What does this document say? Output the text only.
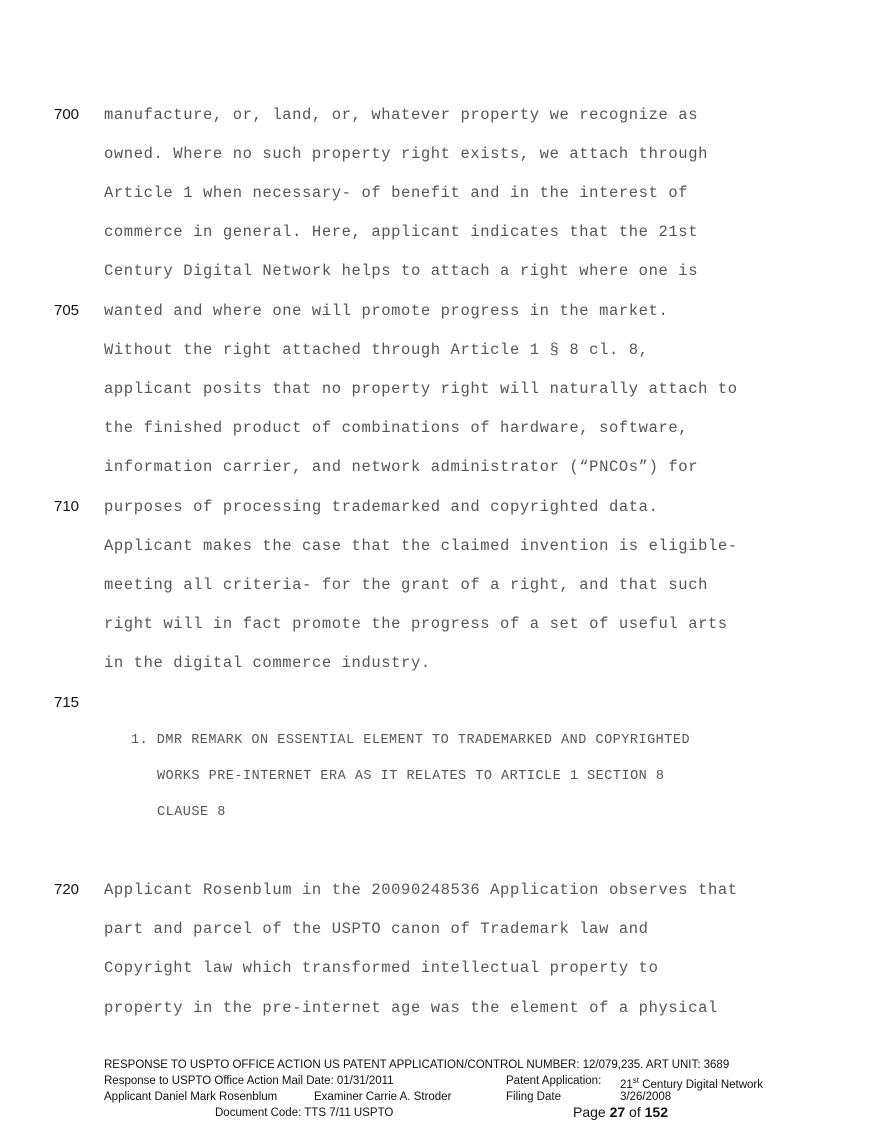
700
705
710
715
720
manufacture, or, land, or, whatever property we recognize as
owned. Where no such property right exists, we attach through
Article 1 when necessary- of benefit and in the interest of
commerce in general. Here, applicant indicates that the 21st
Century Digital Network helps to attach a right where one is
wanted and where one will promote progress in the market.
Without the right attached through Article 1 § 8 cl. 8,
applicant posits that no property right will naturally attach to
the finished product of combinations of hardware, software,
information carrier, and network administrator (“PNCOs”) for
purposes of processing trademarked and copyrighted data.
Applicant makes the case that the claimed invention is eligible-
meeting all criteria- for the grant of a right, and that such
right will in fact promote the progress of a set of useful arts
in the digital commerce industry.
1. DMR REMARK ON ESSENTIAL ELEMENT TO TRADEMARKED AND COPYRIGHTED
WORKS PRE-INTERNET ERA AS IT RELATES TO ARTICLE 1 SECTION 8
CLAUSE 8
Applicant Rosenblum in the 20090248536 Application observes that
part and parcel of the USPTO canon of Trademark law and
Copyright law which transformed intellectual property to
property in the pre-internet age was the element of a physical
RESPONSE TO USPTO OFFICE ACTION US PATENT APPLICATION/CONTROL NUMBER: 12/079,235. ART UNIT: 3689
Response to USPTO Office Action Mail Date: 01/31/2011	Patent Application: 21st Century Digital Network
Applicant Daniel Mark Rosenblum	Examiner Carrie A. Stroder	Filing Date	3/26/2008
Document Code: TTS 7/11 USPTO	Page 27 of 152
